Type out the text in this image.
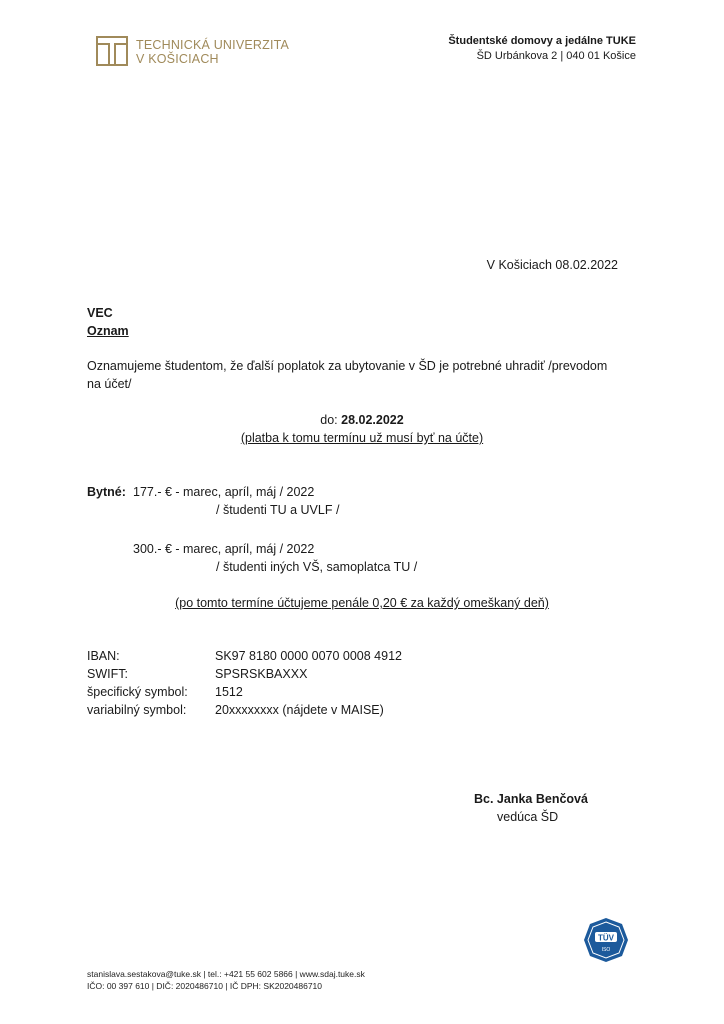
TECHNICKÁ UNIVERZITA
V KOŠICIACH
Študentské domovy a jedálne TUKE
ŠD Urbánkova 2 | 040 01 Košice
V Košiciach 08.02.2022
VEC
Oznam
Oznamujeme študentom, že ďalší poplatok za ubytovanie v ŠD je potrebné uhradiť /prevodom
na účet/
do: 28.02.2022
(platba k tomu termínu už musí byť na účte)
Bytné: 177.- € - marec, apríl, máj / 2022
/ študenti TU a UVLF /
300.- € - marec, apríl, máj / 2022
/ študenti iných VŠ, samoplatca TU /
(po tomto termíne účtujeme penále 0,20 € za každý omeškaný deň)
IBAN:	SK97 8180 0000 0070 0008 4912
SWIFT:	SPSRSKBAXXX
špecifický symbol:	1512
variabilný symbol:	20xxxxxxxx (nájdete v MAISE)
Bc. Janka Benčová
vedúca ŠD
TÜV
ISO
stanislava.sestakova@tuke.sk | tel.: +421 55 602 5866 | www.sdaj.tuke.sk
IČO: 00 397 610 | DIČ: 2020486710 | IČ DPH: SK2020486710
